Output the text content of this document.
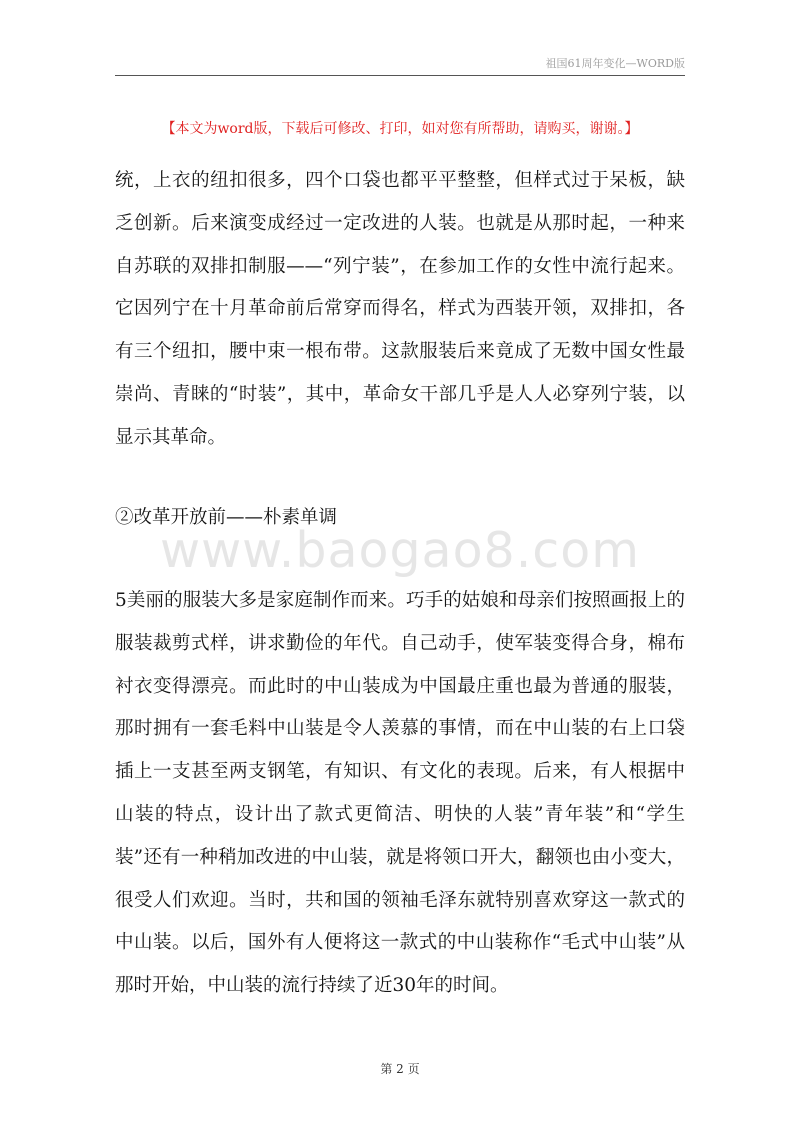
祖国61周年变化—WORD版
【本文为word版，下载后可修改、打印，如对您有所帮助，请购买，谢谢。】
统，上衣的纽扣很多，四个口袋也都平平整整，但样式过于呆板，缺乏创新。后来演变成经过一定改进的人装。也就是从那时起，一种来自苏联的双排扣制服——“列宁装”，在参加工作的女性中流行起来。它因列宁在十月革命前后常穿而得名，样式为西装开领，双排扣，各有三个纽扣，腰中束一根布带。这款服装后来竟成了无数中国女性最崇尚、青睐的“时装”，其中，革命女干部几乎是人人必穿列宁装，以显示其革命。
②改革开放前——朴素单调
www.baogao8.com
5美丽的服装大多是家庭制作而来。巧手的姑娘和母亲们按照画报上的服装裁剪式样，讲求勤俭的年代。自己动手，使军装变得合身，棉布衬衣变得漂亮。而此时的中山装成为中国最庄重也最为普通的服装，那时拥有一套毛料中山装是令人羡慕的事情，而在中山装的右上口袋插上一支甚至两支钢笔，有知识、有文化的表现。后来，有人根据中山装的特点，设计出了款式更简洁、明快的人装”青年装”和“学生装”还有一种稍加改进的中山装，就是将领口开大，翻领也由小变大，很受人们欢迎。当时，共和国的领袖毛泽东就特别喜欢穿这一款式的中山装。以后，国外有人便将这一款式的中山装称作“毛式中山装”从那时开始，中山装的流行持续了近30年的时间。
第 2 页
